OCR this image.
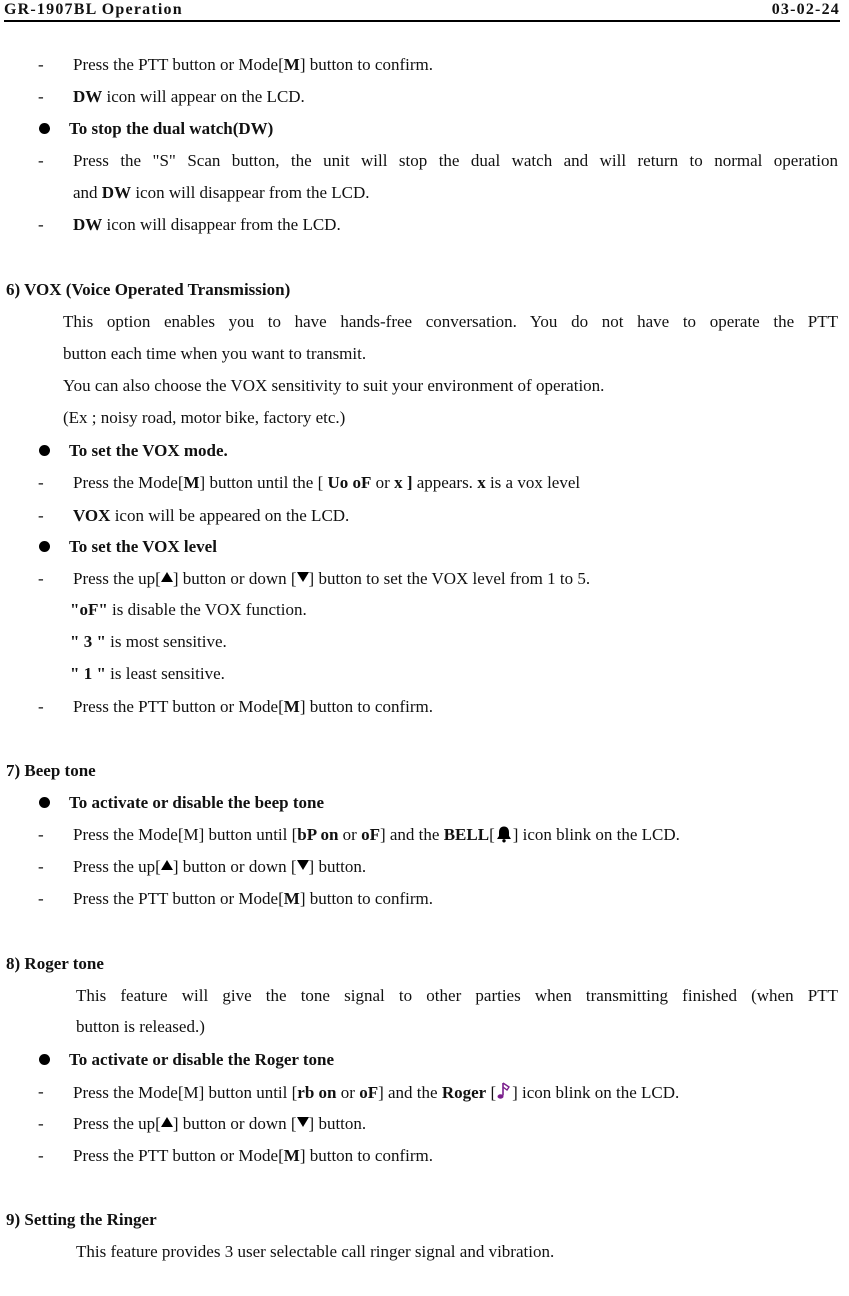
GR-1907BL Operation	03-02-24
- Press the PTT button or Mode[M] button to confirm.
- DW icon will appear on the LCD.
To stop the dual watch(DW)
- Press the "S" Scan button, the unit will stop the dual watch and will return to normal operation
and DW icon will disappear from the LCD.
- DW icon will disappear from the LCD.
6) VOX (Voice Operated Transmission)
This option enables you to have hands-free conversation. You do not have to operate the PTT
button each time when you want to transmit.
You can also choose the VOX sensitivity to suit your environment of operation.
(Ex ; noisy road, motor bike, factory etc.)
To set the VOX mode.
- Press the Mode[M] button until the [ Uo oF or x ] appears. x is a vox level
- VOX icon will be appeared on the LCD.
To set the VOX level
- Press the up[ ] button or down [ ] button to set the VOX level from 1 to 5.
"oF" is disable the VOX function.
" 3 " is most sensitive.
" 1 " is least sensitive.
- Press the PTT button or Mode[M] button to confirm.
7) Beep tone
To activate or disable the beep tone
- Press the Mode[M] button until [bP on or oF] and the BELL[ ] icon blink on the LCD.
- Press the up[ ] button or down [ ] button.
- Press the PTT button or Mode[M] button to confirm.
8) Roger tone
This feature will give the tone signal to other parties when transmitting finished (when PTT
button is released.)
To activate or disable the Roger tone
- Press the Mode[M] button until [rb on or oF] and the Roger [ ] icon blink on the LCD.
- Press the up[ ] button or down [ ] button.
- Press the PTT button or Mode[M] button to confirm.
9) Setting the Ringer
This feature provides 3 user selectable call ringer signal and vibration.
